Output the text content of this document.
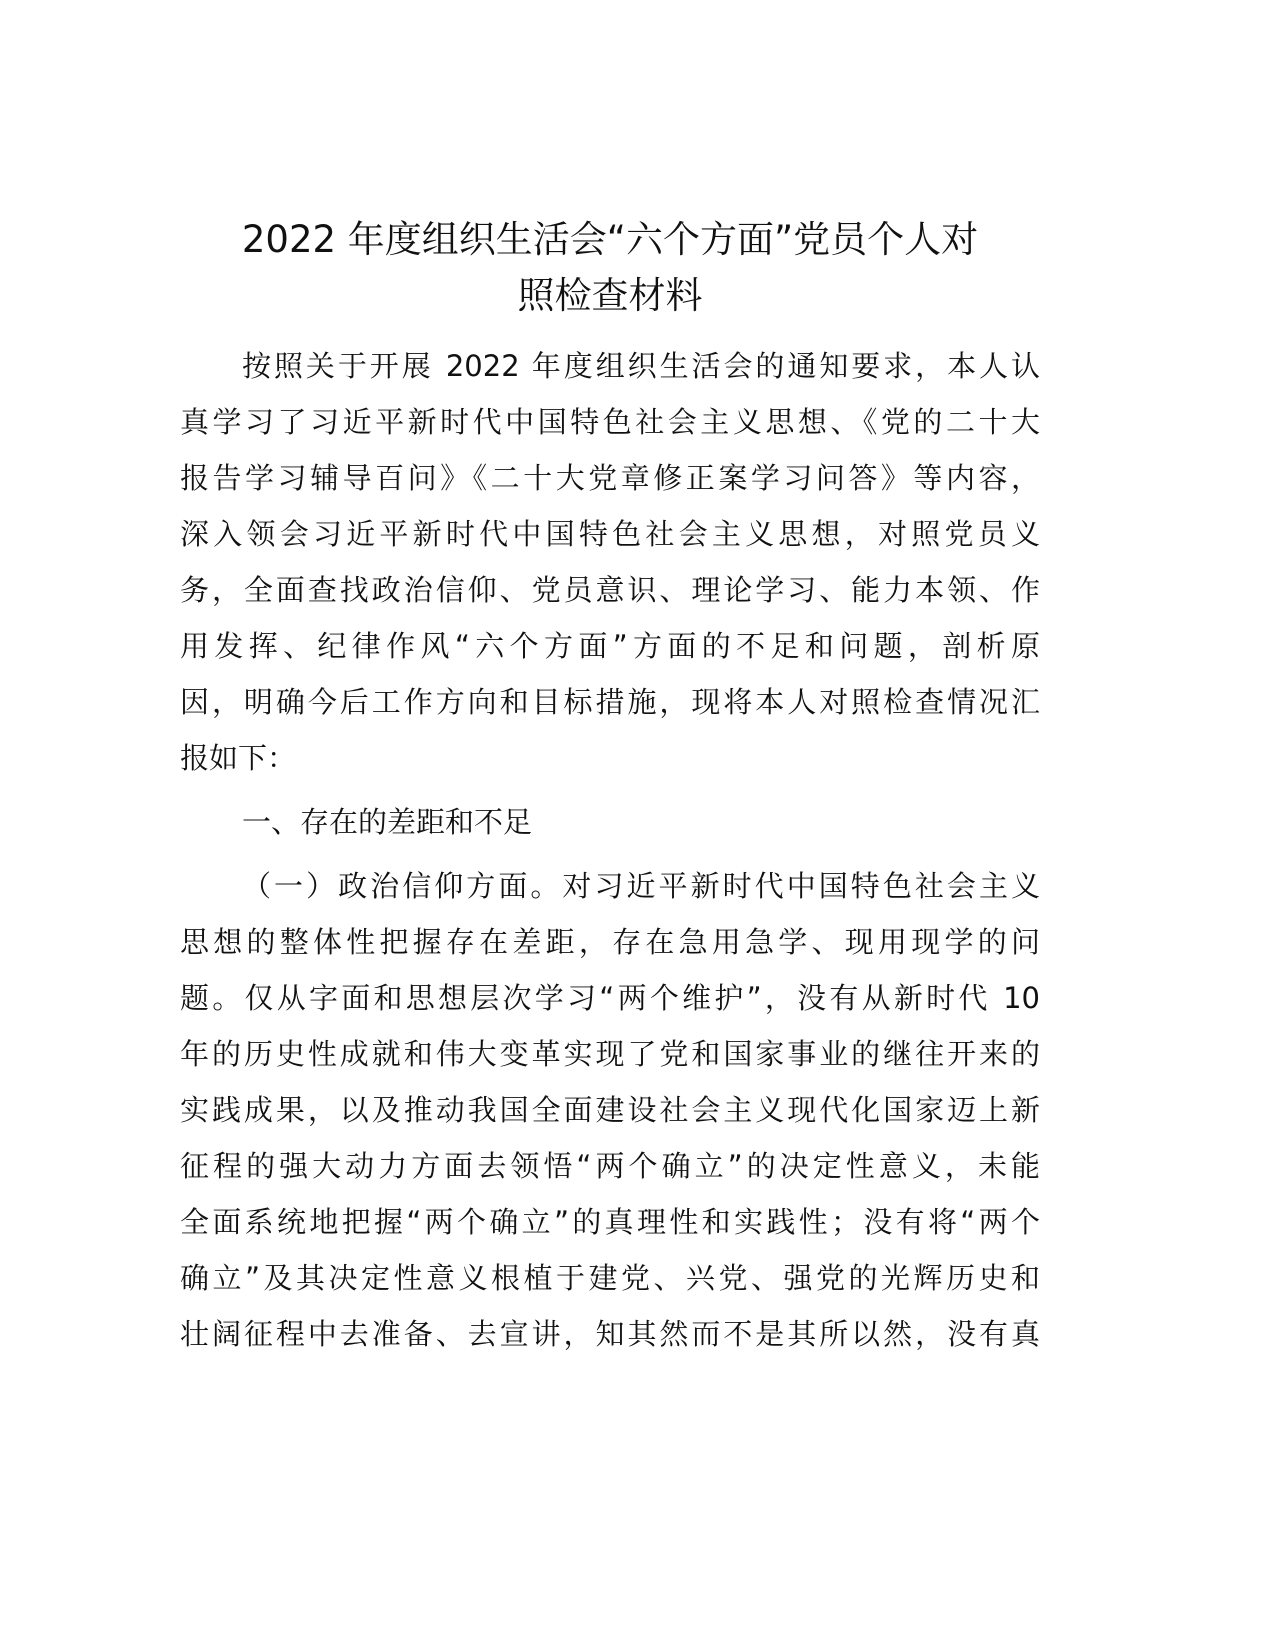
2022 年度组织生活会“六个方面”党员个人对
照检查材料
按照关于开展 2022 年度组织生活会的通知要求，本人认
真学习了习近平新时代中国特色社会主义思想、《党的二十大
报告学习辅导百问》《二十大党章修正案学习问答》等内容，
深入领会习近平新时代中国特色社会主义思想，对照党员义
务，全面查找政治信仰、党员意识、理论学习、能力本领、作
用发挥、纪律作风“六个方面”方面的不足和问题，剖析原
因，明确今后工作方向和目标措施，现将本人对照检查情况汇
报如下：
一、存在的差距和不足
（一）政治信仰方面。对习近平新时代中国特色社会主义
思想的整体性把握存在差距，存在急用急学、现用现学的问
题。仅从字面和思想层次学习“两个维护”，没有从新时代 10
年的历史性成就和伟大变革实现了党和国家事业的继往开来的
实践成果，以及推动我国全面建设社会主义现代化国家迈上新
征程的强大动力方面去领悟“两个确立”的决定性意义，未能
全面系统地把握“两个确立”的真理性和实践性；没有将“两个
确立”及其决定性意义根植于建党、兴党、强党的光辉历史和
壮阔征程中去准备、去宣讲，知其然而不是其所以然，没有真
